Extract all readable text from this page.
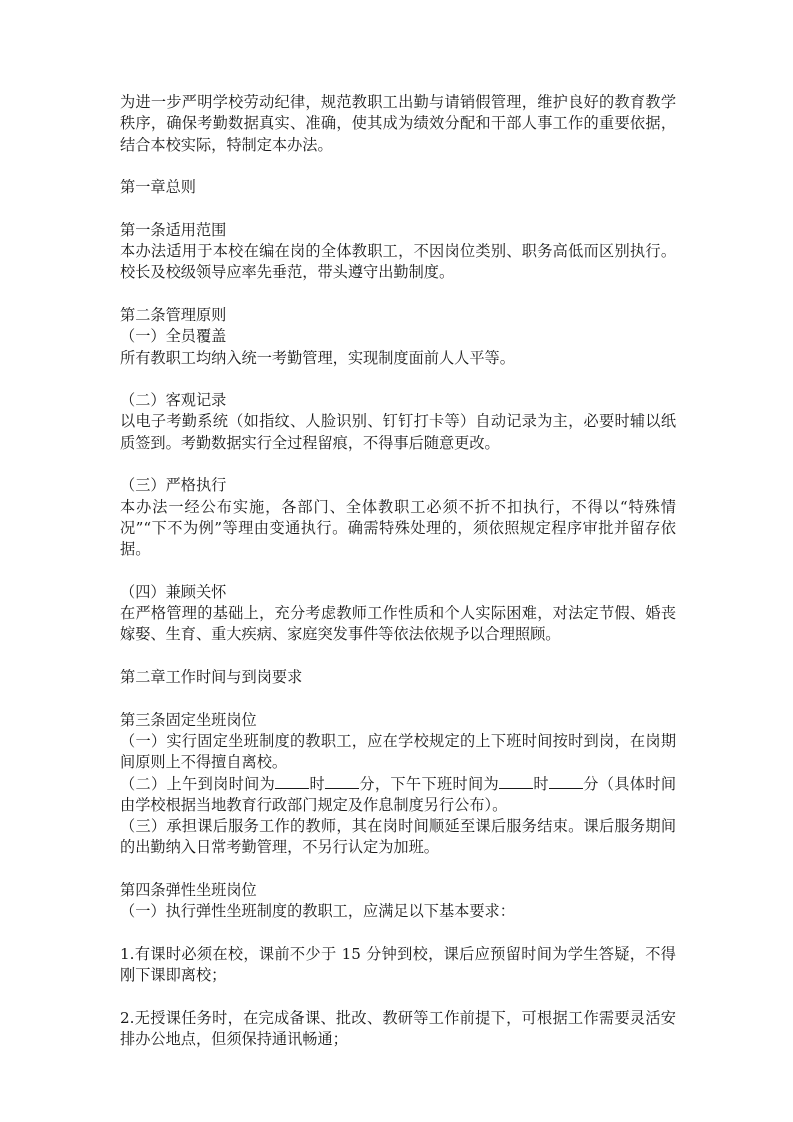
为进一步严明学校劳动纪律，规范教职工出勤与请销假管理，维护良好的教育教学秩序，确保考勤数据真实、准确，使其成为绩效分配和干部人事工作的重要依据，结合本校实际，特制定本办法。

第一章总则

第一条适用范围

本办法适用于本校在编在岗的全体教职工，不因岗位类别、职务高低而区别执行。校长及校级领导应率先垂范，带头遵守出勤制度。

第二条管理原则

（一）全员覆盖

所有教职工均纳入统一考勤管理，实现制度面前人人平等。

（二）客观记录

以电子考勤系统（如指纹、人脸识别、钉钉打卡等）自动记录为主，必要时辅以纸质签到。考勤数据实行全过程留痕，不得事后随意更改。

（三）严格执行

本办法一经公布实施，各部门、全体教职工必须不折不扣执行，不得以“特殊情况”“下不为例”等理由变通执行。确需特殊处理的，须依照规定程序审批并留存依据。

（四）兼顾关怀

在严格管理的基础上，充分考虑教师工作性质和个人实际困难，对法定节假、婚丧嫁娶、生育、重大疾病、家庭突发事件等依法依规予以合理照顾。

第二章工作时间与到岗要求

第三条固定坐班岗位

（一）实行固定坐班制度的教职工，应在学校规定的上下班时间按时到岗，在岗期间原则上不得擅自离校。

（二）上午到岗时间为 时 分，下午下班时间为 时 分（具体时间由学校根据当地教育行政部门规定及作息制度另行公布）。

（三）承担课后服务工作的教师，其在岗时间顺延至课后服务结束。课后服务期间的出勤纳入日常考勤管理，不另行认定为加班。

第四条弹性坐班岗位

（一）执行弹性坐班制度的教职工，应满足以下基本要求：

1.有课时必须在校，课前不少于 15 分钟到校，课后应预留时间为学生答疑，不得刚下课即离校；

2.无授课任务时，在完成备课、批改、教研等工作前提下，可根据工作需要灵活安排办公地点，但须保持通讯畅通；
